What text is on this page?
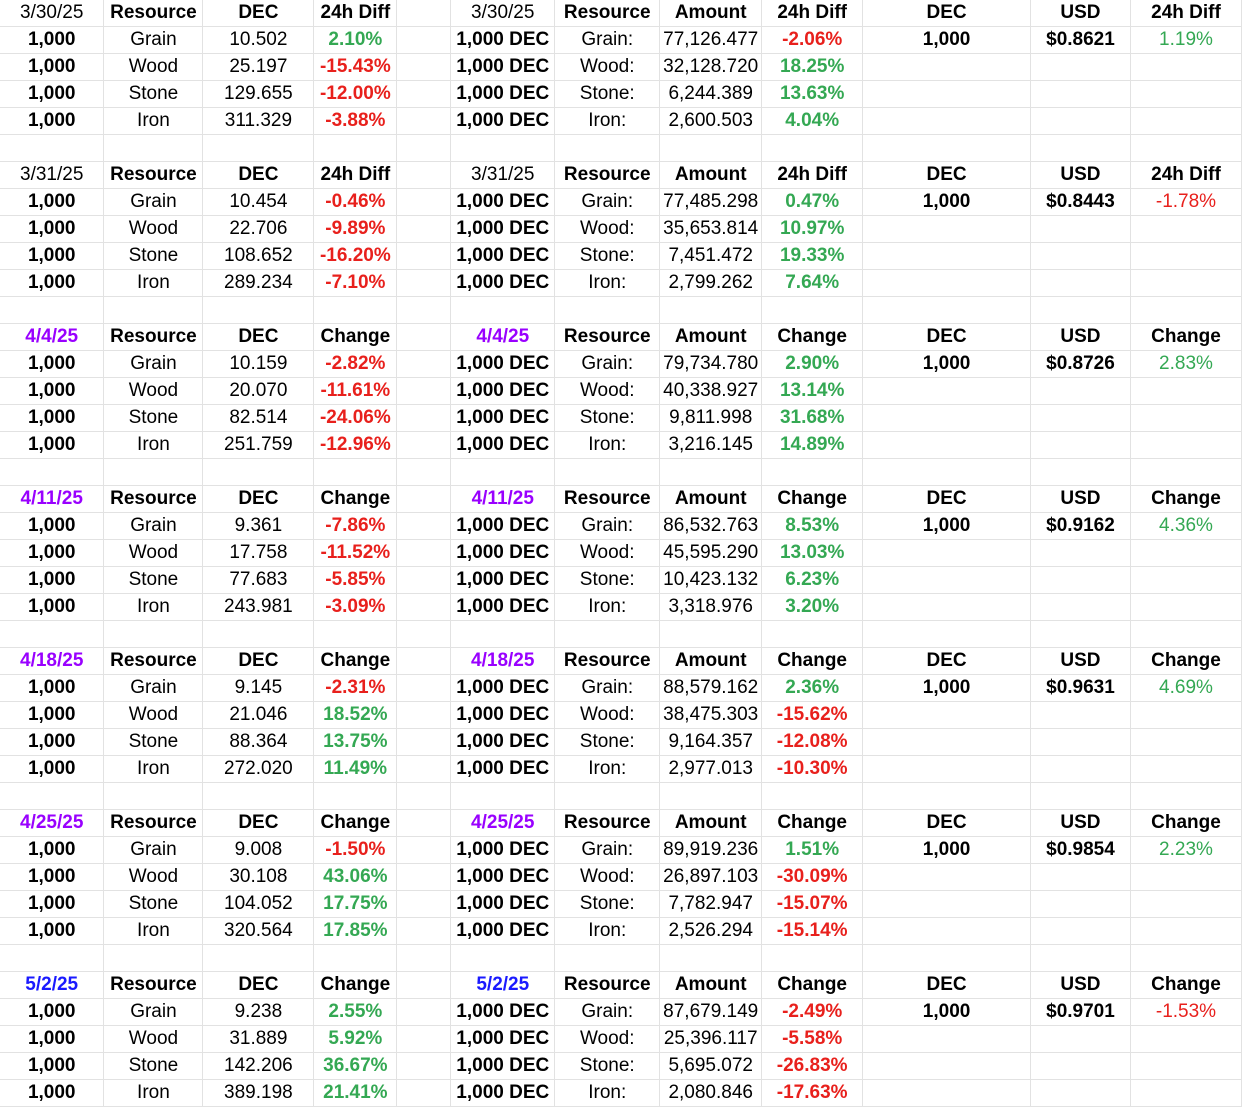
3/30/25	Resource	DEC	24h Diff		3/30/25	Resource	Amount	24h Diff	DEC	USD	24h Diff
1,000	Grain	10.502	2.10%		1,000 DEC	Grain:	77,126.477	-2.06%	1,000	$0.8621	1.19%
1,000	Wood	25.197	-15.43%		1,000 DEC	Wood:	32,128.720	18.25%			
1,000	Stone	129.655	-12.00%		1,000 DEC	Stone:	6,244.389	13.63%			
1,000	Iron	311.329	-3.88%		1,000 DEC	Iron:	2,600.503	4.04%			

3/31/25	Resource	DEC	24h Diff		3/31/25	Resource	Amount	24h Diff	DEC	USD	24h Diff
1,000	Grain	10.454	-0.46%		1,000 DEC	Grain:	77,485.298	0.47%	1,000	$0.8443	-1.78%
1,000	Wood	22.706	-9.89%		1,000 DEC	Wood:	35,653.814	10.97%			
1,000	Stone	108.652	-16.20%		1,000 DEC	Stone:	7,451.472	19.33%			
1,000	Iron	289.234	-7.10%		1,000 DEC	Iron:	2,799.262	7.64%			

4/4/25	Resource	DEC	Change		4/4/25	Resource	Amount	Change	DEC	USD	Change
1,000	Grain	10.159	-2.82%		1,000 DEC	Grain:	79,734.780	2.90%	1,000	$0.8726	2.83%
1,000	Wood	20.070	-11.61%		1,000 DEC	Wood:	40,338.927	13.14%			
1,000	Stone	82.514	-24.06%		1,000 DEC	Stone:	9,811.998	31.68%			
1,000	Iron	251.759	-12.96%		1,000 DEC	Iron:	3,216.145	14.89%			

4/11/25	Resource	DEC	Change		4/11/25	Resource	Amount	Change	DEC	USD	Change
1,000	Grain	9.361	-7.86%		1,000 DEC	Grain:	86,532.763	8.53%	1,000	$0.9162	4.36%
1,000	Wood	17.758	-11.52%		1,000 DEC	Wood:	45,595.290	13.03%			
1,000	Stone	77.683	-5.85%		1,000 DEC	Stone:	10,423.132	6.23%			
1,000	Iron	243.981	-3.09%		1,000 DEC	Iron:	3,318.976	3.20%			

4/18/25	Resource	DEC	Change		4/18/25	Resource	Amount	Change	DEC	USD	Change
1,000	Grain	9.145	-2.31%		1,000 DEC	Grain:	88,579.162	2.36%	1,000	$0.9631	4.69%
1,000	Wood	21.046	18.52%		1,000 DEC	Wood:	38,475.303	-15.62%			
1,000	Stone	88.364	13.75%		1,000 DEC	Stone:	9,164.357	-12.08%			
1,000	Iron	272.020	11.49%		1,000 DEC	Iron:	2,977.013	-10.30%			

4/25/25	Resource	DEC	Change		4/25/25	Resource	Amount	Change	DEC	USD	Change
1,000	Grain	9.008	-1.50%		1,000 DEC	Grain:	89,919.236	1.51%	1,000	$0.9854	2.23%
1,000	Wood	30.108	43.06%		1,000 DEC	Wood:	26,897.103	-30.09%			
1,000	Stone	104.052	17.75%		1,000 DEC	Stone:	7,782.947	-15.07%			
1,000	Iron	320.564	17.85%		1,000 DEC	Iron:	2,526.294	-15.14%			

5/2/25	Resource	DEC	Change		5/2/25	Resource	Amount	Change	DEC	USD	Change
1,000	Grain	9.238	2.55%		1,000 DEC	Grain:	87,679.149	-2.49%	1,000	$0.9701	-1.53%
1,000	Wood	31.889	5.92%		1,000 DEC	Wood:	25,396.117	-5.58%			
1,000	Stone	142.206	36.67%		1,000 DEC	Stone:	5,695.072	-26.83%			
1,000	Iron	389.198	21.41%		1,000 DEC	Iron:	2,080.846	-17.63%			
